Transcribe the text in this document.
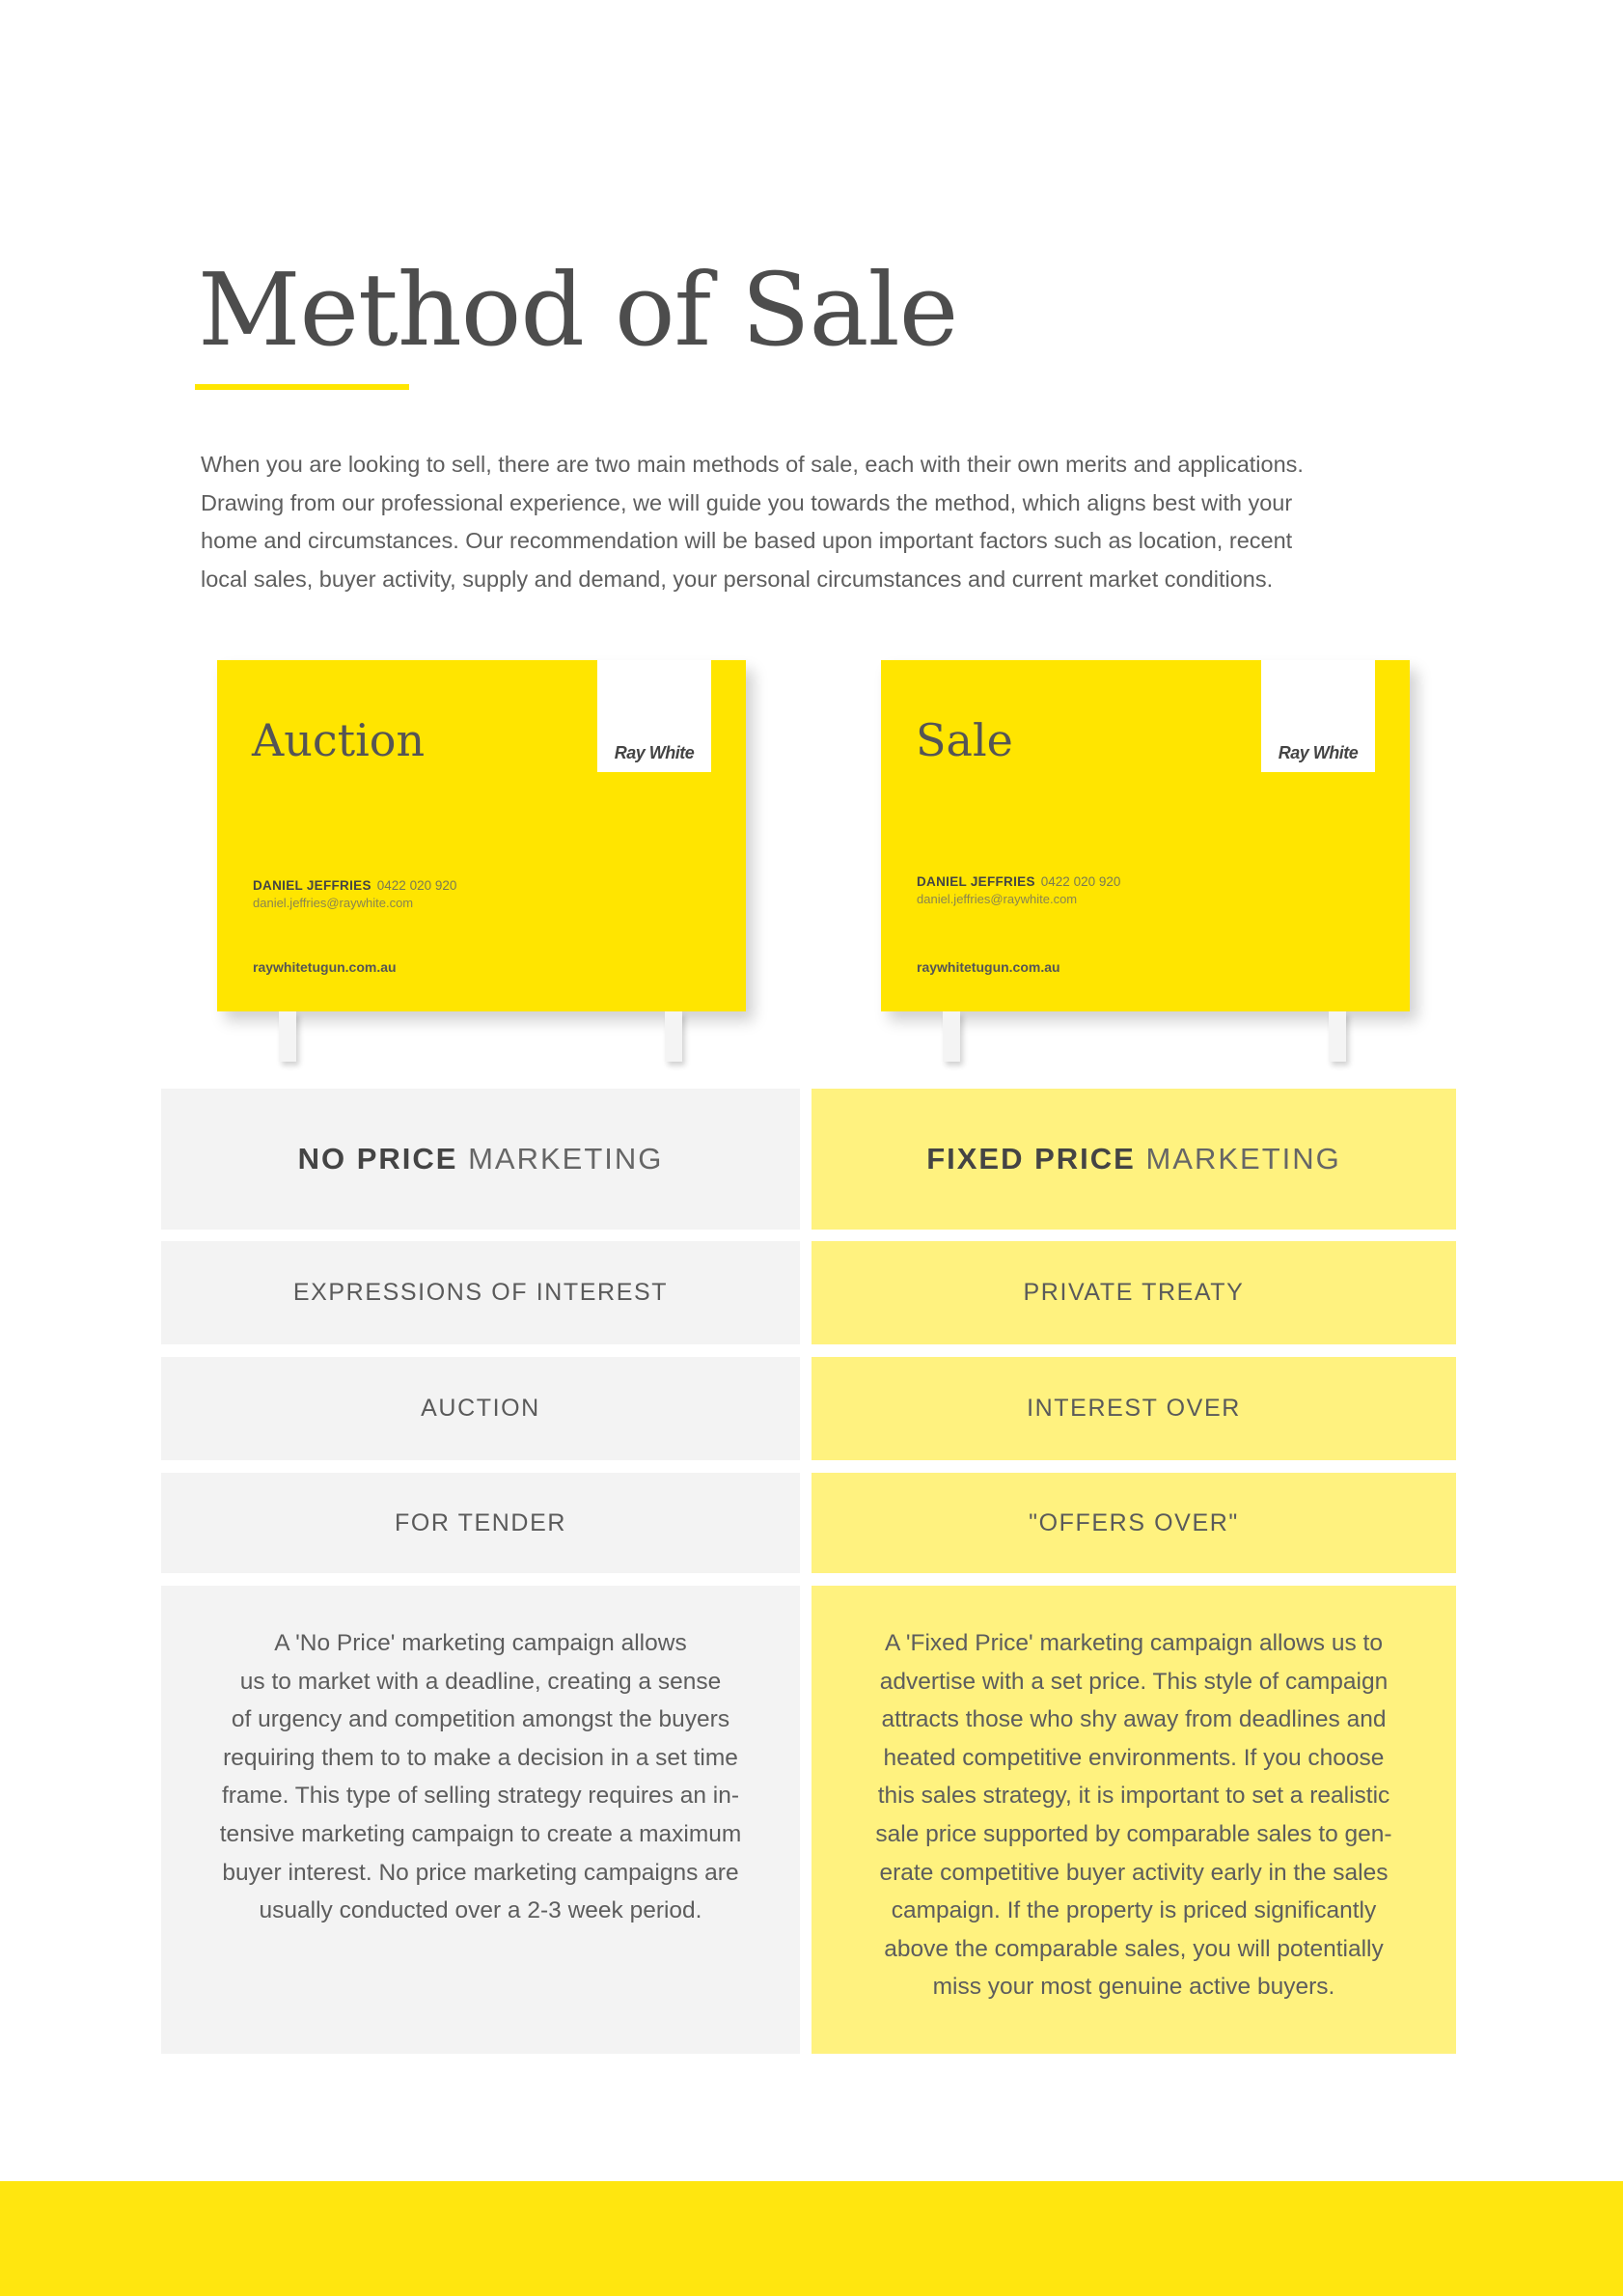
Method of Sale

When you are looking to sell, there are two main methods of sale, each with their own merits and applications.

Drawing from our professional experience, we will guide you towards the method, which aligns best with your

home and circumstances. Our recommendation will be based upon important factors such as location, recent

local sales, buyer activity, supply and demand, your personal circumstances and current market conditions.

Auction	Ray White
DANIEL JEFFRIES 0422 020 920
daniel.jeffries@raywhite.com
raywhitetugun.com.au
Sale	Ray White
DANIEL JEFFRIES 0422 020 920
daniel.jeffries@raywhite.com
raywhitetugun.com.au
NO PRICE MARKETING
EXPRESSIONS OF INTEREST
AUCTION
FOR TENDER
A 'No Price' marketing campaign allows
us to market with a deadline, creating a sense
of urgency and competition amongst the buyers
requiring them to to make a decision in a set time
frame. This type of selling strategy requires an in-
tensive marketing campaign to create a maximum
buyer interest. No price marketing campaigns are
usually conducted over a 2-3 week period.
FIXED PRICE MARKETING
PRIVATE TREATY
INTEREST OVER
"OFFERS OVER"
A 'Fixed Price' marketing campaign allows us to
advertise with a set price. This style of campaign
attracts those who shy away from deadlines and
heated competitive environments. If you choose
this sales strategy, it is important to set a realistic
sale price supported by comparable sales to gen-
erate competitive buyer activity early in the sales
campaign. If the property is priced significantly
above the comparable sales, you will potentially
miss your most genuine active buyers.
